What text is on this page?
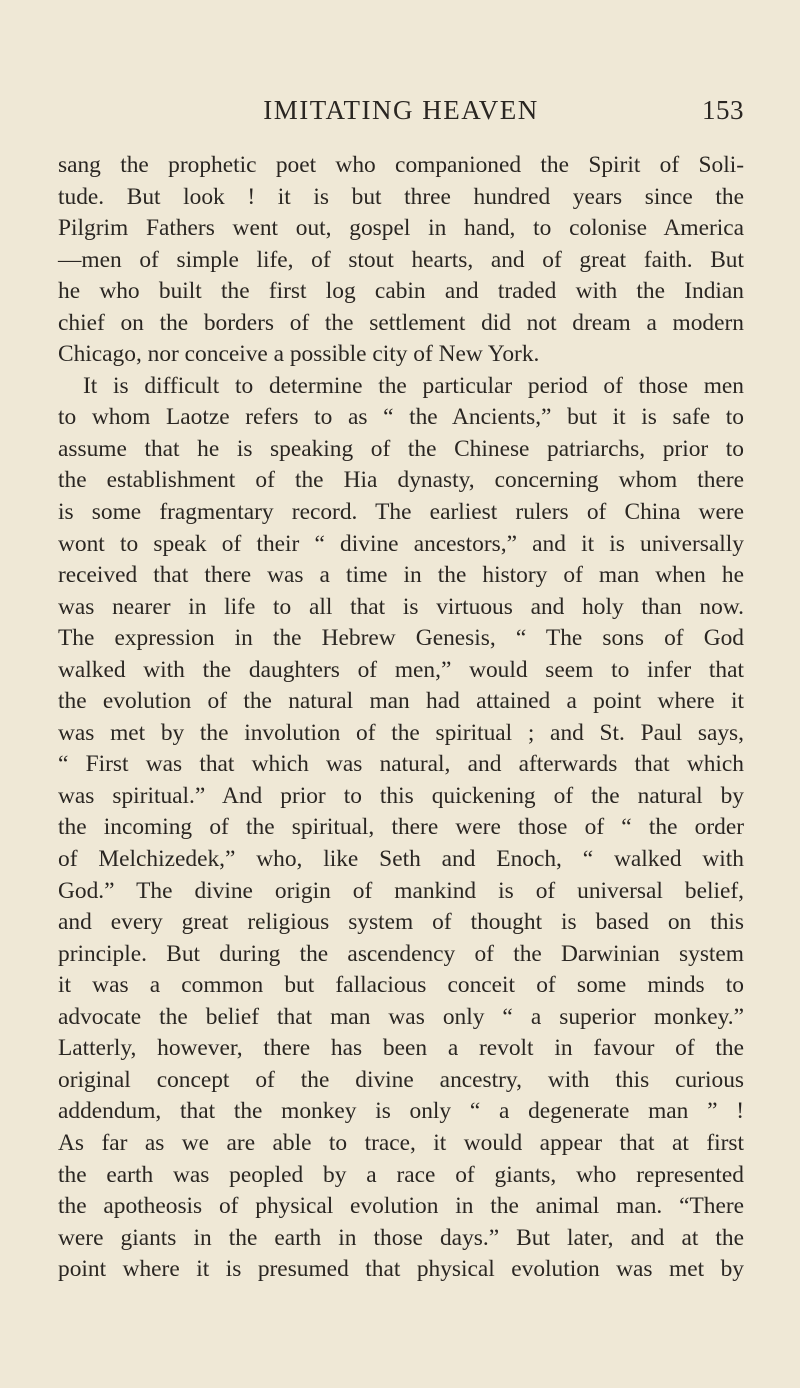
IMITATING HEAVEN	153
sang the prophetic poet who companioned the Spirit of Soli-
tude. But look ! it is but three hundred years since the
Pilgrim Fathers went out, gospel in hand, to colonise America
—men of simple life, of stout hearts, and of great faith. But
he who built the first log cabin and traded with the Indian
chief on the borders of the settlement did not dream a modern
Chicago, nor conceive a possible city of New York.
It is difficult to determine the particular period of those men
to whom Laotze refers to as “ the Ancients,” but it is safe to
assume that he is speaking of the Chinese patriarchs, prior to
the establishment of the Hia dynasty, concerning whom there
is some fragmentary record. The earliest rulers of China were
wont to speak of their “ divine ancestors,” and it is universally
received that there was a time in the history of man when he
was nearer in life to all that is virtuous and holy than now.
The expression in the Hebrew Genesis, “ The sons of God
walked with the daughters of men,” would seem to infer that
the evolution of the natural man had attained a point where it
was met by the involution of the spiritual ; and St. Paul says,
“ First was that which was natural, and afterwards that which
was spiritual.” And prior to this quickening of the natural by
the incoming of the spiritual, there were those of “ the order
of Melchizedek,” who, like Seth and Enoch, “ walked with
God.” The divine origin of mankind is of universal belief,
and every great religious system of thought is based on this
principle. But during the ascendency of the Darwinian system
it was a common but fallacious conceit of some minds to
advocate the belief that man was only “ a superior monkey.”
Latterly, however, there has been a revolt in favour of the
original concept of the divine ancestry, with this curious
addendum, that the monkey is only “ a degenerate man ” !
As far as we are able to trace, it would appear that at first
the earth was peopled by a race of giants, who represented
the apotheosis of physical evolution in the animal man. “There
were giants in the earth in those days.” But later, and at the
point where it is presumed that physical evolution was met by
